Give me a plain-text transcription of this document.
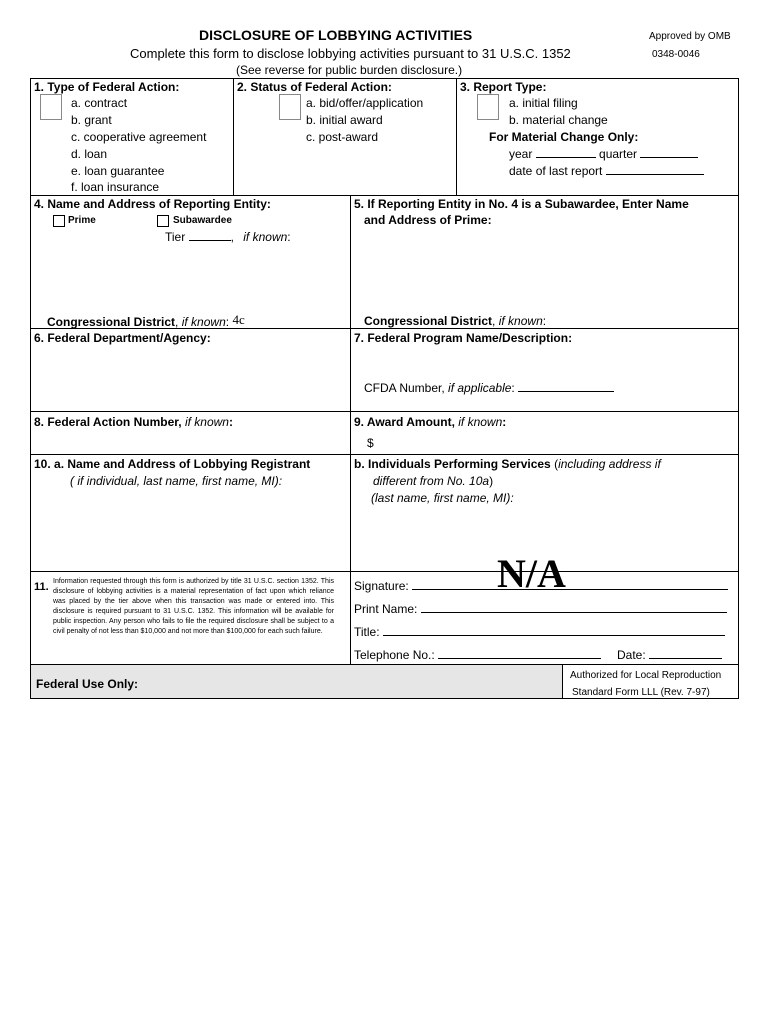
DISCLOSURE OF LOBBYING ACTIVITIES
Complete this form to disclose lobbying activities pursuant to 31 U.S.C. 1352
(See reverse for public burden disclosure.)
Approved by OMB
0348-0046
1. Type of Federal Action:
a. contract
b. grant
c. cooperative agreement
d. loan
e. loan guarantee
f. loan insurance
2. Status of Federal Action:
a. bid/offer/application
b. initial award
c. post-award
3. Report Type:
a. initial filing
b. material change
For Material Change Only:
year	quarter
date of last report
4. Name and Address of Reporting Entity:
Prime	Subawardee
Tier	, if known:
Congressional District, if known: 4c
5. If Reporting Entity in No. 4 is a Subawardee, Enter Name
and Address of Prime:
Congressional District, if known:
6. Federal Department/Agency:	7. Federal Program Name/Description:
CFDA Number, if applicable:
8. Federal Action Number, if known:	9. Award Amount, if known:
$
10. a. Name and Address of Lobbying Registrant
( if individual, last name, first name, MI):
b. Individuals Performing Services (including address if
different from No. 10a)
(last name, first name, MI):
11. Information requested through this form is authorized by title 31 U.S.C. section 1352. This disclosure of lobbying activities is a material representation of fact upon which reliance was placed by the tier above when this transaction was made or entered into. This disclosure is required pursuant to 31 U.S.C. 1352. This information will be available for public inspection. Any person who fails to file the required disclosure shall be subject to a civil penalty of not less than $10,000 and not more than $100,000 for each such failure.
Signature:	N/A
Print Name:
Title:
Telephone No.:	Date:
Federal Use Only:
Authorized for Local Reproduction
Standard Form LLL (Rev. 7-97)
